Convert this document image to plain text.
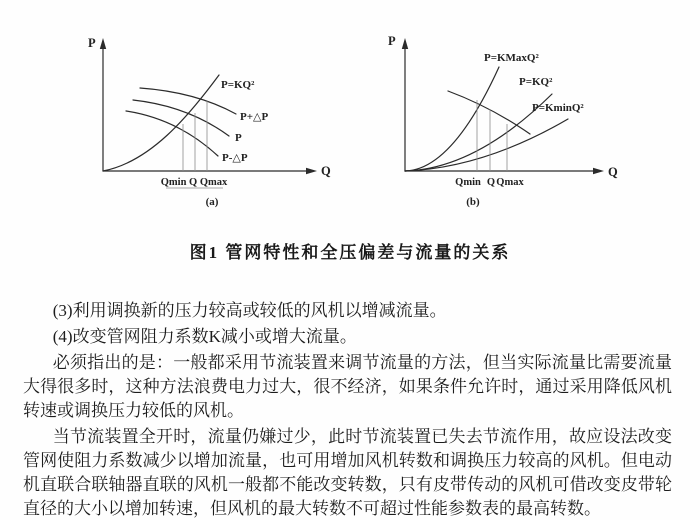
P
Q
P=KQ²
P+△P
P
P-△P
Qmin Q Qmax
(a)
P
Q
P=KMaxQ²
P=KQ²
P=KminQ²
Qmin Q Qmax
(b)
图1 管网特性和全压偏差与流量的关系

(3)利用调换新的压力较高或较低的风机以增减流量。

(4)改变管网阻力系数K减小或增大流量。

必须指出的是：一般都采用节流装置来调节流量的方法，但当实际流量比需要流量大得很多时，这种方法浪费电力过大，很不经济，如果条件允许时，通过采用降低风机转速或调换压力较低的风机。

当节流装置全开时，流量仍嫌过少，此时节流装置已失去节流作用，故应设法改变管网使阻力系数减少以增加流量，也可用增加风机转数和调换压力较高的风机。但电动机直联合联轴器直联的风机一般都不能改变转数，只有皮带传动的风机可借改变皮带轮直径的大小以增加转速，但风机的最大转数不可超过性能参数表的最高转数。
